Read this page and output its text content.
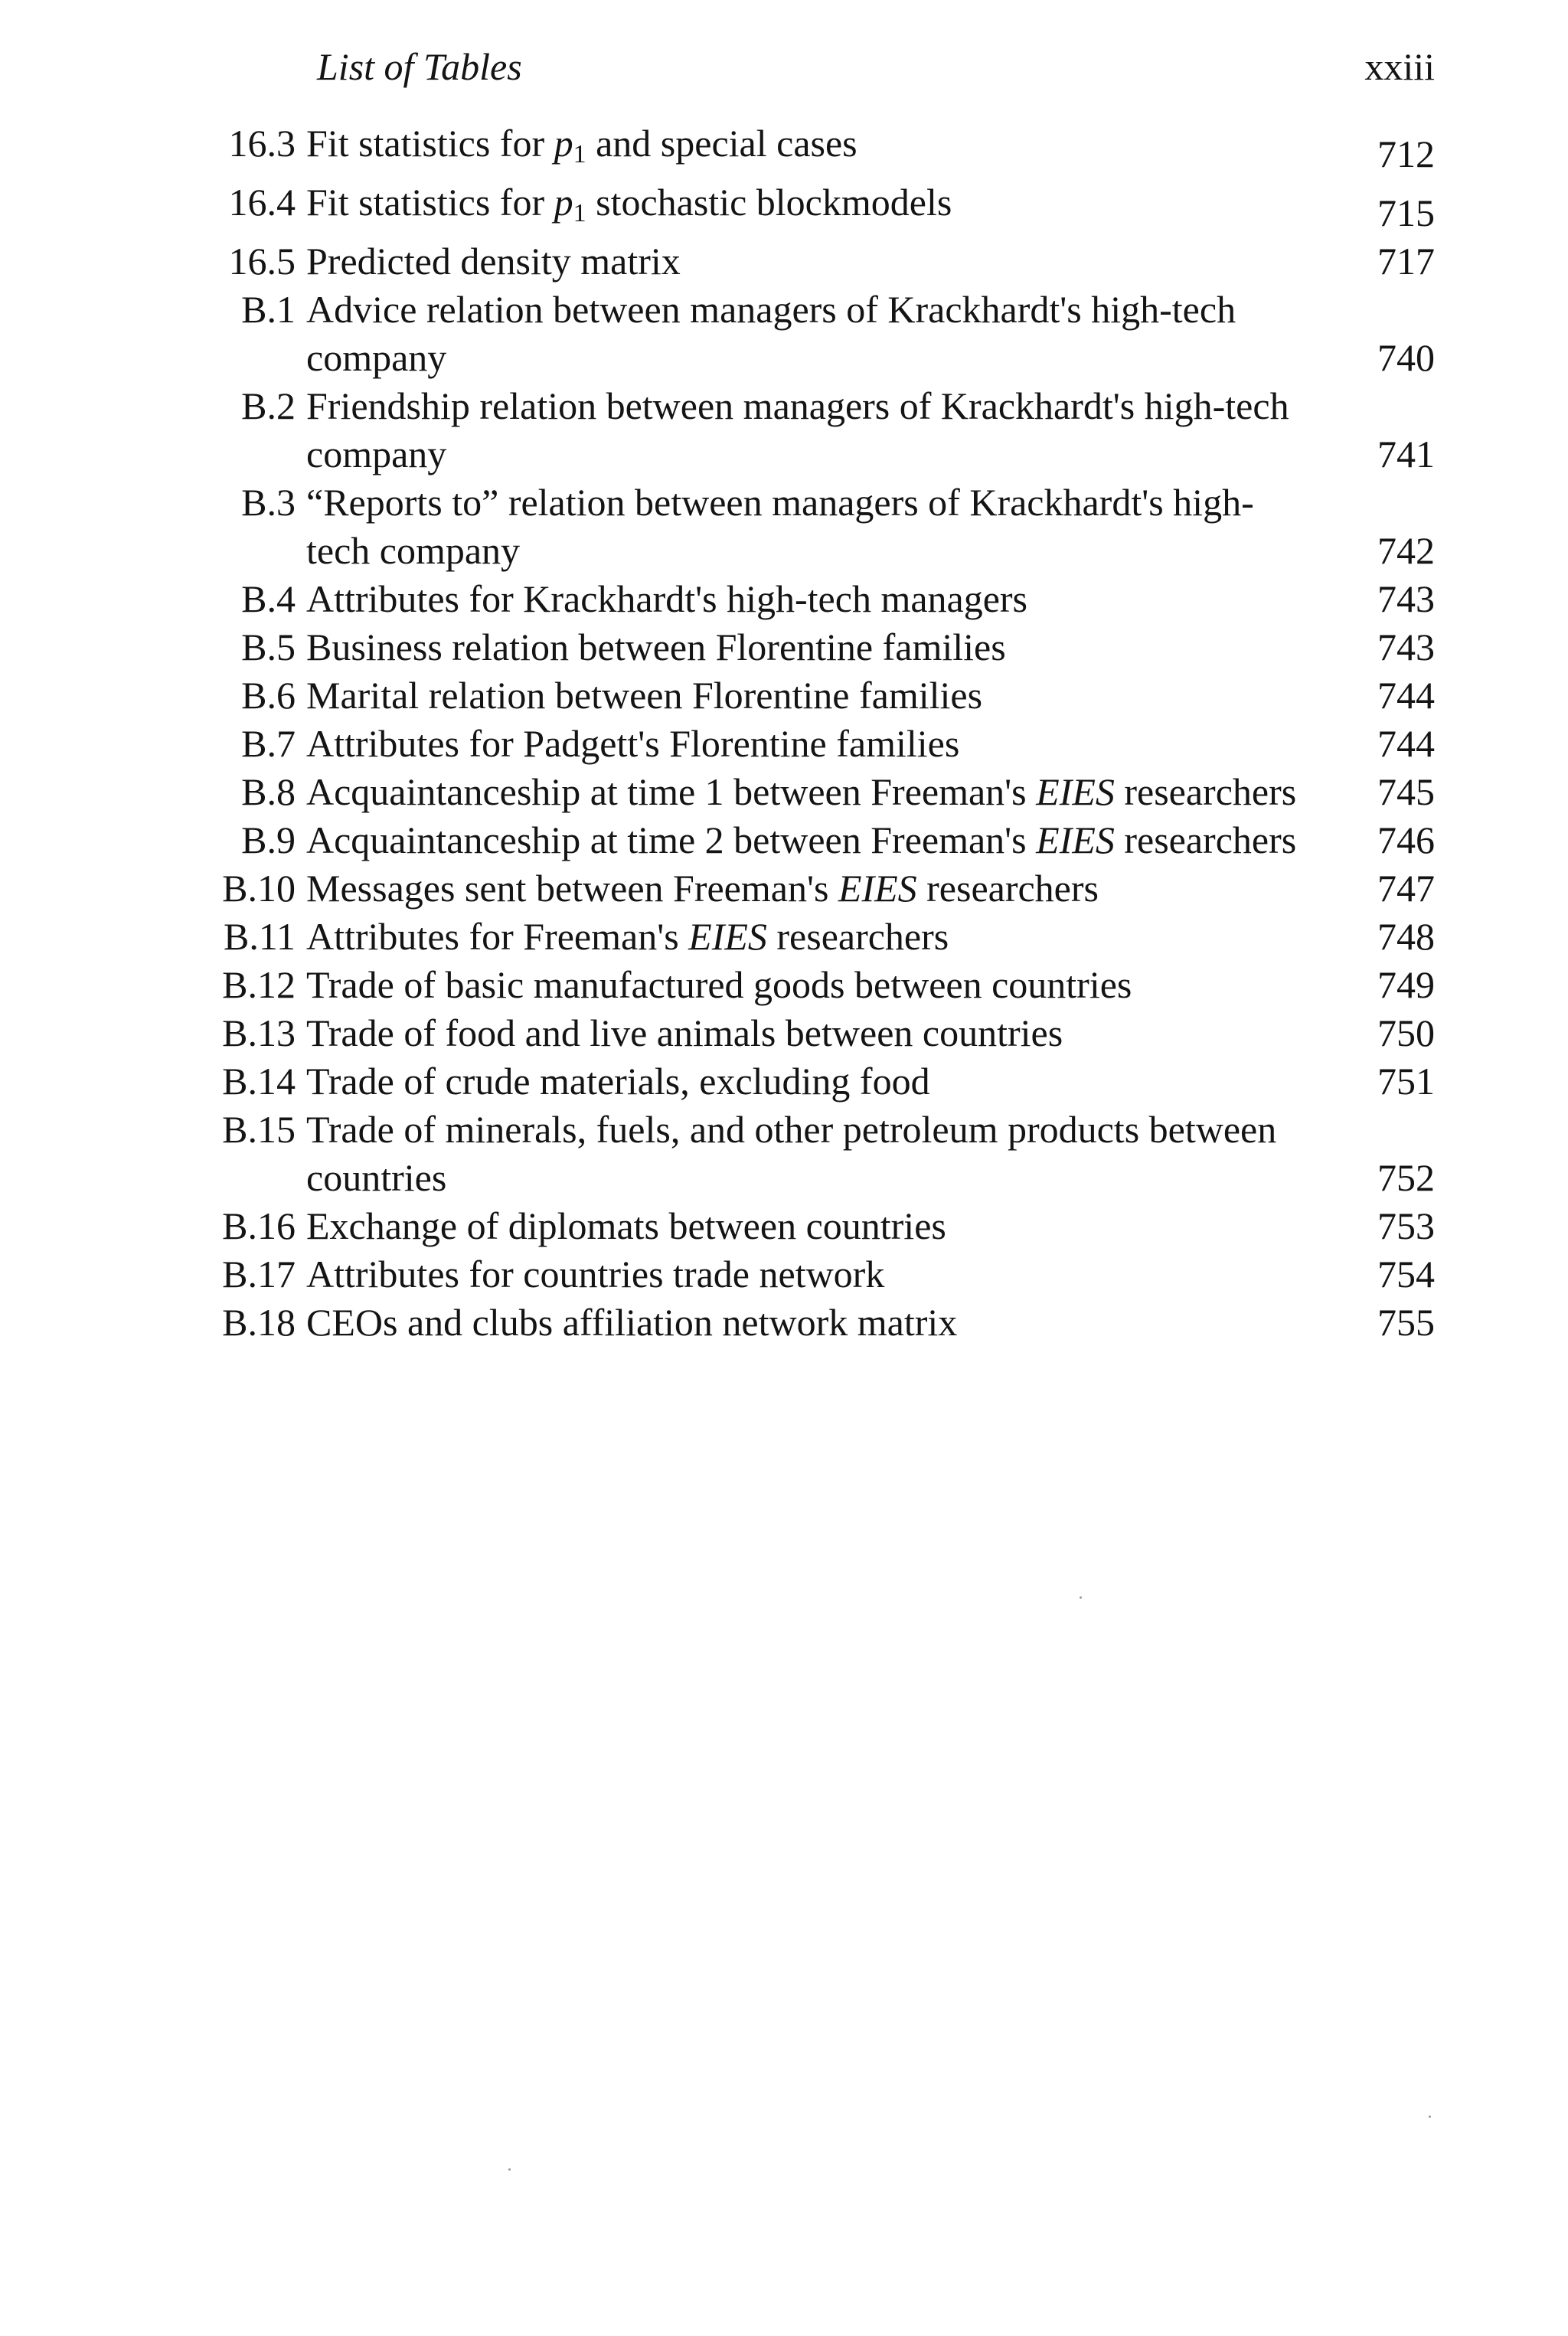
List of Tables	xxiii
16.3 Fit statistics for $p_1$ and special cases	712
16.4 Fit statistics for $p_1$ stochastic blockmodels	715
16.5 Predicted density matrix	717
B.1 Advice relation between managers of Krackhardt's high-tech company	740
B.2 Friendship relation between managers of Krackhardt's high-tech company	741
B.3 “Reports to” relation between managers of Krackhardt's high-tech company	742
B.4 Attributes for Krackhardt's high-tech managers	743
B.5 Business relation between Florentine families	743
B.6 Marital relation between Florentine families	744
B.7 Attributes for Padgett's Florentine families	744
B.8 Acquaintanceship at time 1 between Freeman's EIES researchers	745
B.9 Acquaintanceship at time 2 between Freeman's EIES researchers	746
B.10 Messages sent between Freeman's EIES researchers	747
B.11 Attributes for Freeman's EIES researchers	748
B.12 Trade of basic manufactured goods between countries	749
B.13 Trade of food and live animals between countries	750
B.14 Trade of crude materials, excluding food	751
B.15 Trade of minerals, fuels, and other petroleum products between countries	752
B.16 Exchange of diplomats between countries	753
B.17 Attributes for countries trade network	754
B.18 CEOs and clubs affiliation network matrix	755
